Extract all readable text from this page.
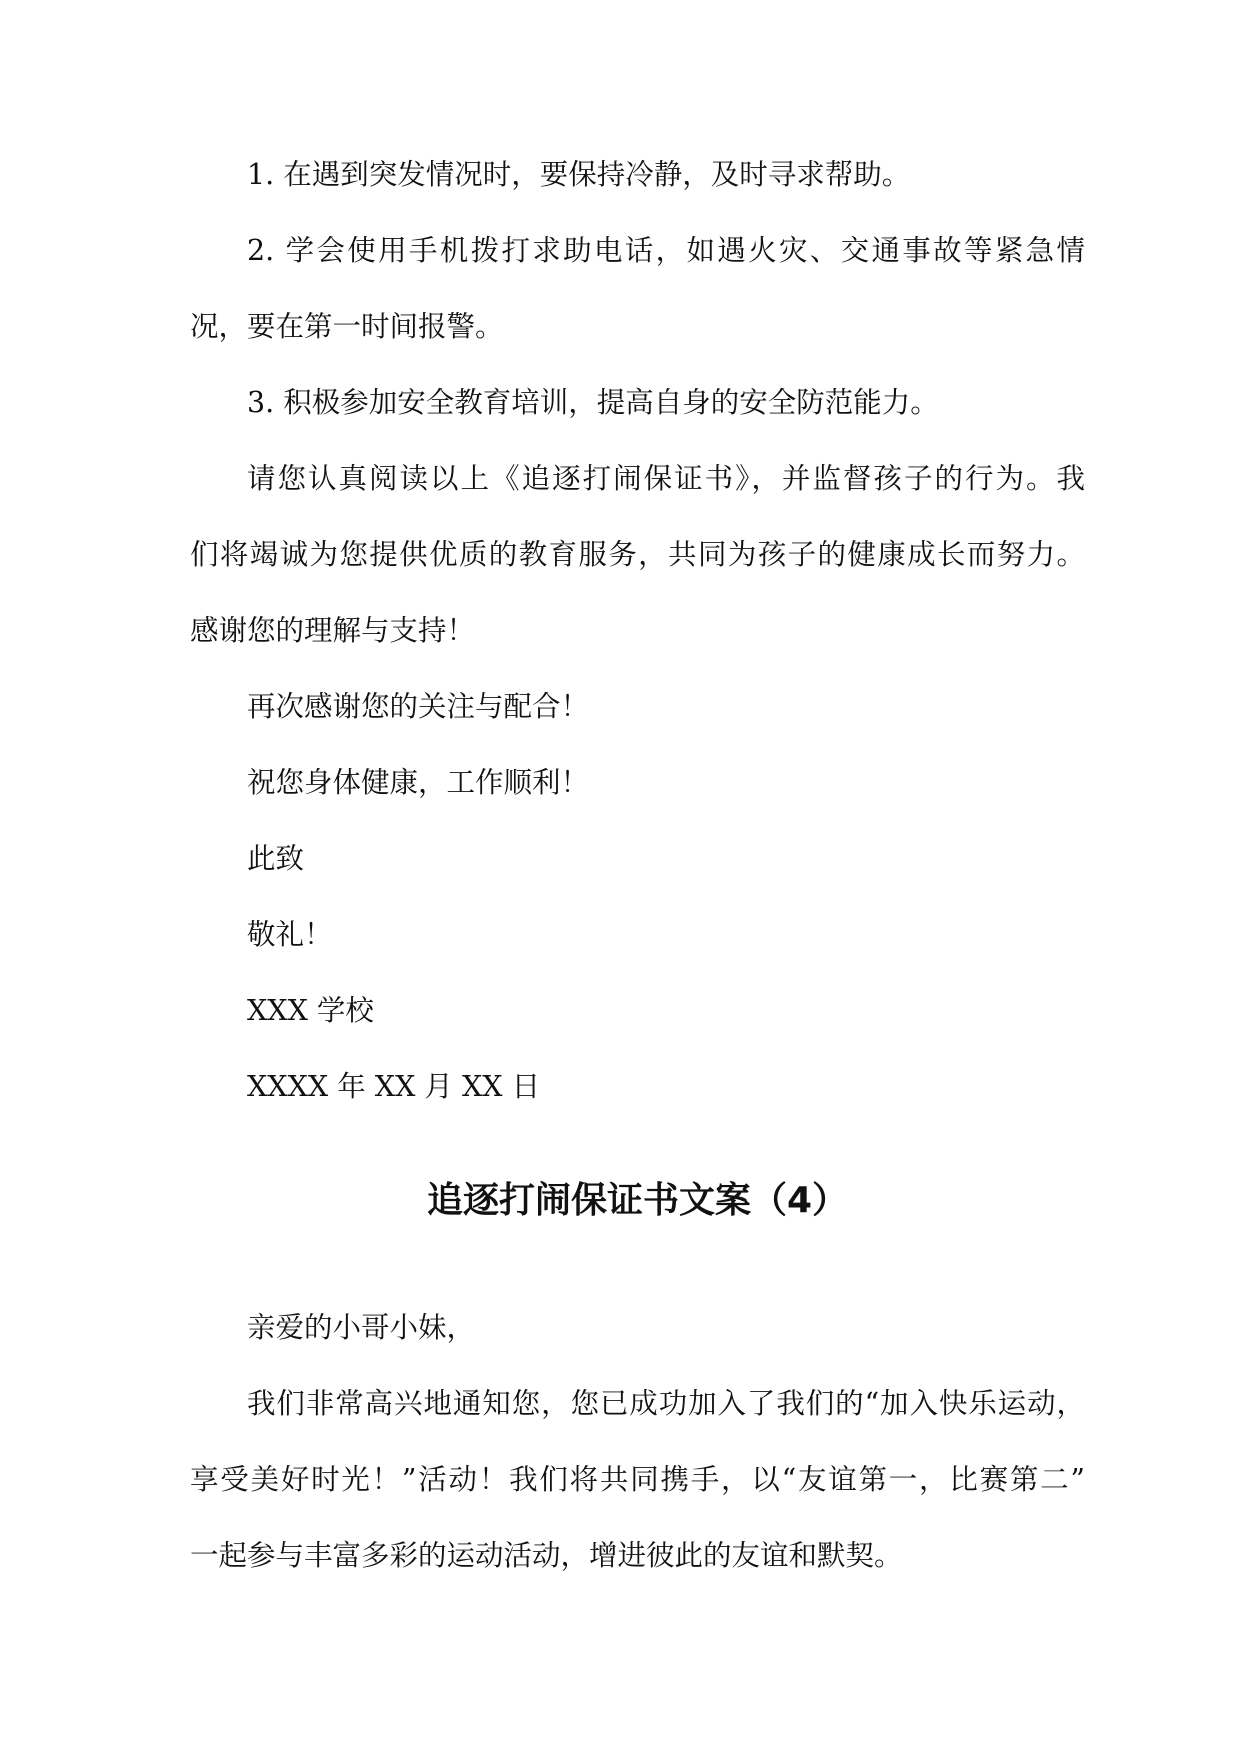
1. 在遇到突发情况时，要保持冷静，及时寻求帮助。
2. 学会使用手机拨打求助电话，如遇火灾、交通事故等紧急情
况，要在第一时间报警。
3. 积极参加安全教育培训，提高自身的安全防范能力。
请您认真阅读以上《追逐打闹保证书》，并监督孩子的行为。我
们将竭诚为您提供优质的教育服务，共同为孩子的健康成长而努力。
感谢您的理解与支持！
再次感谢您的关注与配合！
祝您身体健康，工作顺利！
此致
敬礼！
XXX 学校
XXXX 年 XX 月 XX 日
追逐打闹保证书文案（4）
亲爱的小哥小妹，
我们非常高兴地通知您，您已成功加入了我们的“加入快乐运动，
享受美好时光！”活动！我们将共同携手，以“友谊第一，比赛第二”
一起参与丰富多彩的运动活动，增进彼此的友谊和默契。
